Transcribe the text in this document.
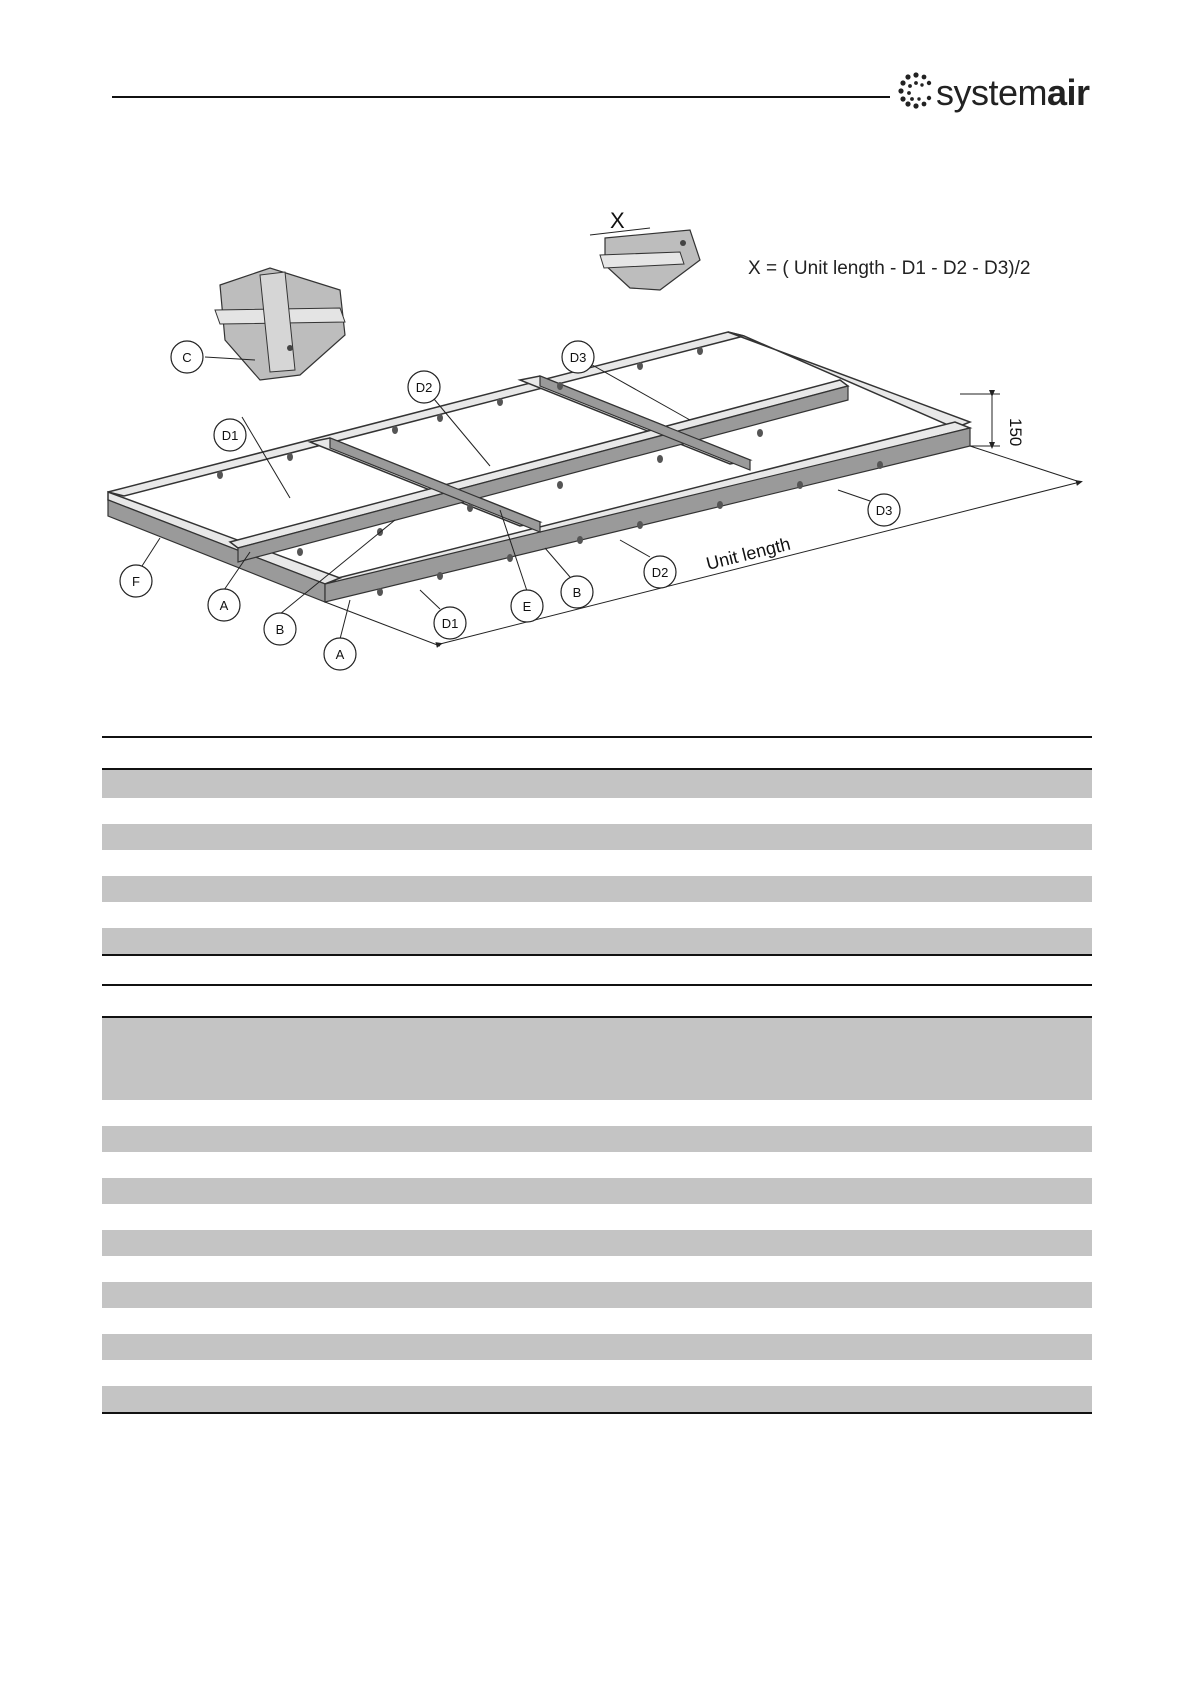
systemair
X = ( Unit length - D1 - D2 - D3)/2
Unit length
150
X
C
D1
D2
D3
F
A
B
A
D1
E
B
D2
D3
